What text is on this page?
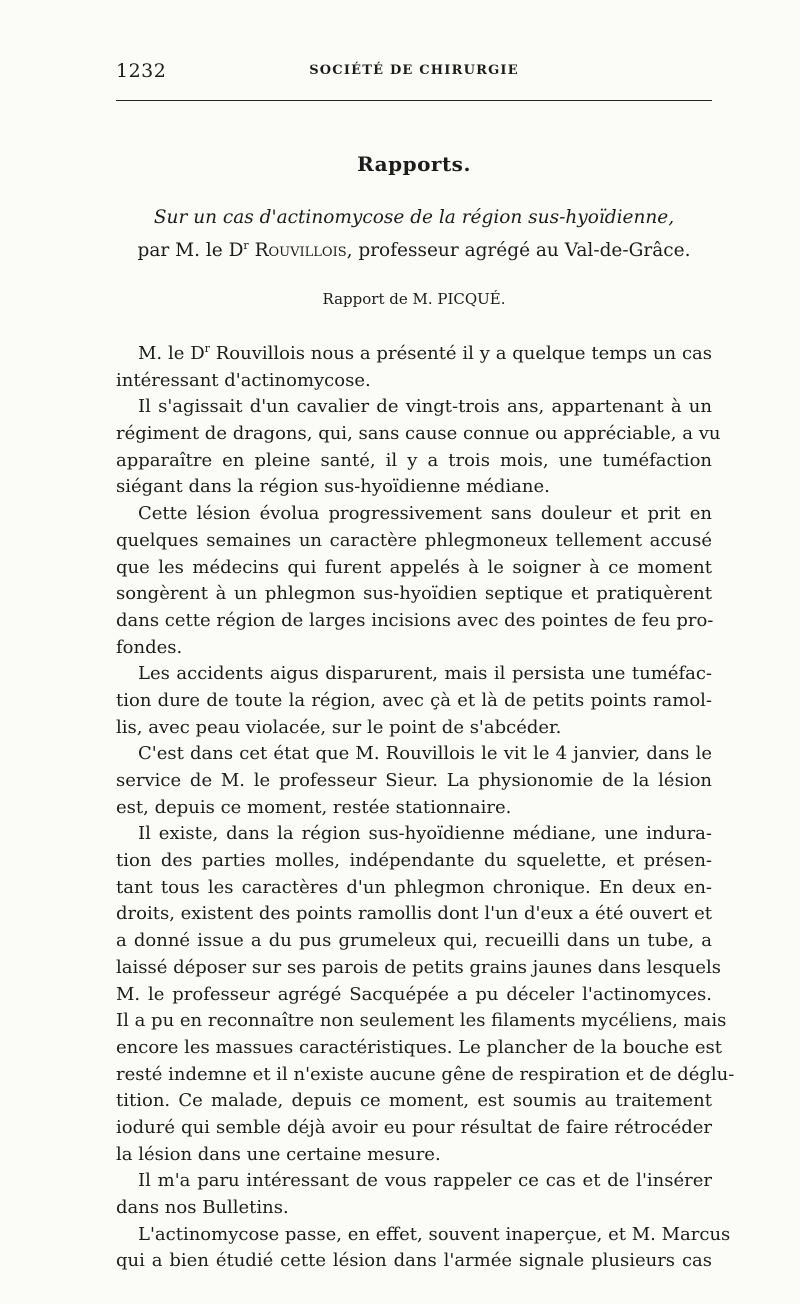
1232	SOCIÉTÉ DE CHIRURGIE
Rapports.
Sur un cas d'actinomycose de la région sus-hyoïdienne,
par M. le $D^r$ Rouvillois, professeur agrégé au Val-de-Grâce.
Rapport de M. PICQUÉ.
M. le $D^r$ Rouvillois nous a présenté il y a quelque temps un cas
intéressant d'actinomycose.
Il s'agissait d'un cavalier de vingt-trois ans, appartenant à un
régiment de dragons, qui, sans cause connue ou appréciable, a vu
apparaître en pleine santé, il y a trois mois, une tuméfaction
siégant dans la région sus-hyoïdienne médiane.
Cette lésion évolua progressivement sans douleur et prit en
quelques semaines un caractère phlegmoneux tellement accusé
que les médecins qui furent appelés à le soigner à ce moment
songèrent à un phlegmon sus-hyoïdien septique et pratiquèrent
dans cette région de larges incisions avec des pointes de feu pro-
fondes.
Les accidents aigus disparurent, mais il persista une tuméfac-
tion dure de toute la région, avec çà et là de petits points ramol-
lis, avec peau violacée, sur le point de s'abcéder.
C'est dans cet état que M. Rouvillois le vit le 4 janvier, dans le
service de M. le professeur Sieur. La physionomie de la lésion
est, depuis ce moment, restée stationnaire.
Il existe, dans la région sus-hyoïdienne médiane, une indura-
tion des parties molles, indépendante du squelette, et présen-
tant tous les caractères d'un phlegmon chronique. En deux en-
droits, existent des points ramollis dont l'un d'eux a été ouvert et
a donné issue a du pus grumeleux qui, recueilli dans un tube, a
laissé déposer sur ses parois de petits grains jaunes dans lesquels
M. le professeur agrégé Sacquépée a pu déceler l'actinomyces.
Il a pu en reconnaître non seulement les filaments mycéliens, mais
encore les massues caractéristiques. Le plancher de la bouche est
resté indemne et il n'existe aucune gêne de respiration et de déglu-
tition. Ce malade, depuis ce moment, est soumis au traitement
ioduré qui semble déjà avoir eu pour résultat de faire rétrocéder
la lésion dans une certaine mesure.
Il m'a paru intéressant de vous rappeler ce cas et de l'insérer
dans nos Bulletins.
L'actinomycose passe, en effet, souvent inaperçue, et M. Marcus
qui a bien étudié cette lésion dans l'armée signale plusieurs cas
